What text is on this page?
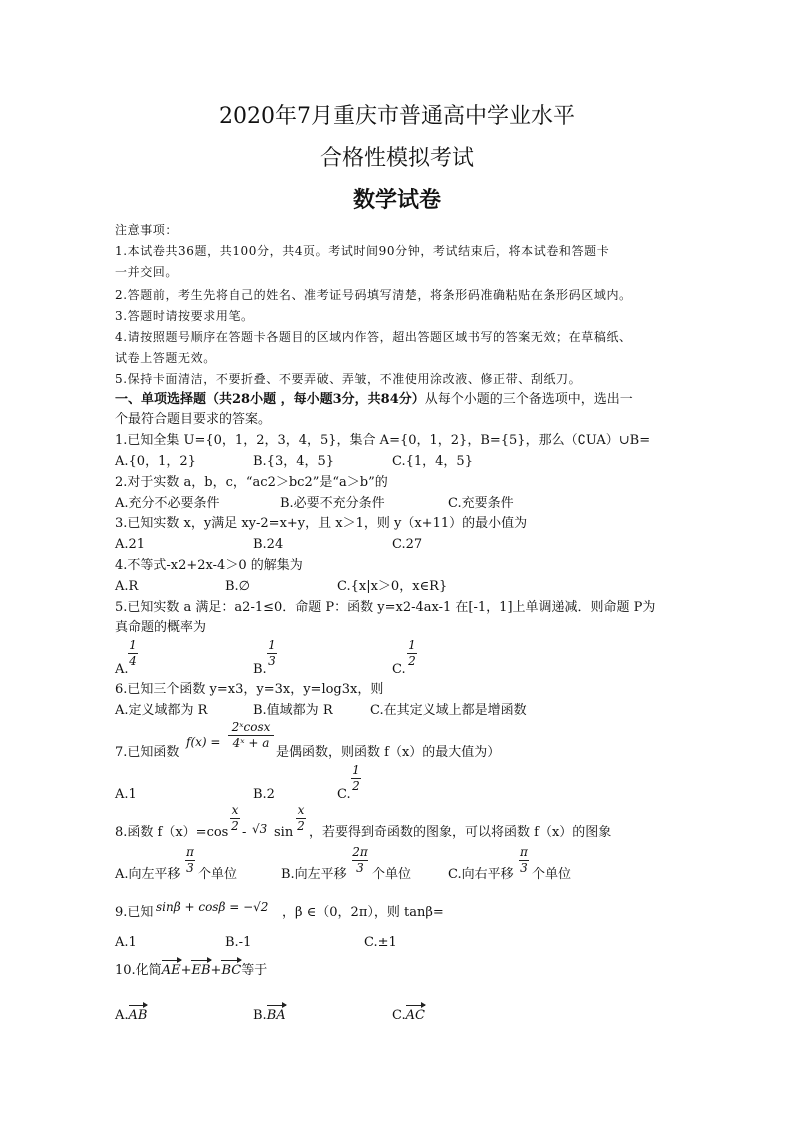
2020年7月重庆市普通高中学业水平
合格性模拟考试
数学试卷
注意事项：
1.本试卷共36题，共100分，共4页。考试时间90分钟，考试结束后，将本试卷和答题卡
一并交回。
2.答题前，考生先将自己的姓名、准考证号码填写清楚，将条形码准确粘贴在条形码区域内。
3.答题时请按要求用笔。
4.请按照题号顺序在答题卡各题目的区域内作答，超出答题区域书写的答案无效；在草稿纸、
试卷上答题无效。
5.保持卡面清洁，不要折叠、不要弄破、弄皱，不准使用涂改液、修正带、刮纸刀。
一、单项选择题（共28小题 ，每小题3分，共84分）从每个小题的三个备选项中，选出一
个最符合题目要求的答案。
1.已知全集 U={0，1，2，3，4，5}，集合 A={0，1，2}，B={5}，那么（∁UA）∪B=
A.{0，1，2}	B.{3，4，5}	C.{1，4，5}
2.对于实数 a，b，c，“ac2＞bc2”是“a＞b”的
A.充分不必要条件	B.必要不充分条件	C.充要条件
3.已知实数 x，y满足 xy-2=x+y，且 x＞1，则 y（x+11）的最小值为
A.21	B.24	C.27
4.不等式-x2+2x-4＞0 的解集为
A.R	B.∅	C.{x|x＞0，x∈R}
5.已知实数 a 满足：a2-1≤0．命题 P：函数 y=x2-4ax-1 在[-1，1]上单调递减．则命题 P为
真命题的概率为
A.
1
4
B.
1
3
C.
1
2
6.已知三个函数 y=x3，y=3x，y=log3x，则
A.定义域都为 R	B.值域都为 R	C.在其定义域上都是增函数
7.已知函数
f(x) =
2ˣcosx
4ˣ + a
是偶函数，则函数 f（x）的最大值为）
A.1	B.2	C.
1
2
8.函数 f（x）=cos
x
2 - √3 sin
x
2 ，若要得到奇函数的图象，可以将函数 f（x）的图象
A.向左平移
π
3 个单位	B.向左平移
2π
3 个单位	C.向右平移
π
3 个单位
9.已知 sinβ + cosβ = −√2 ，β ∈（0，2π），则 tanβ=
A.1	B.-1	C.±1
10.化简AE+EB+BC等于
A.AB	B.BA	C.AC
